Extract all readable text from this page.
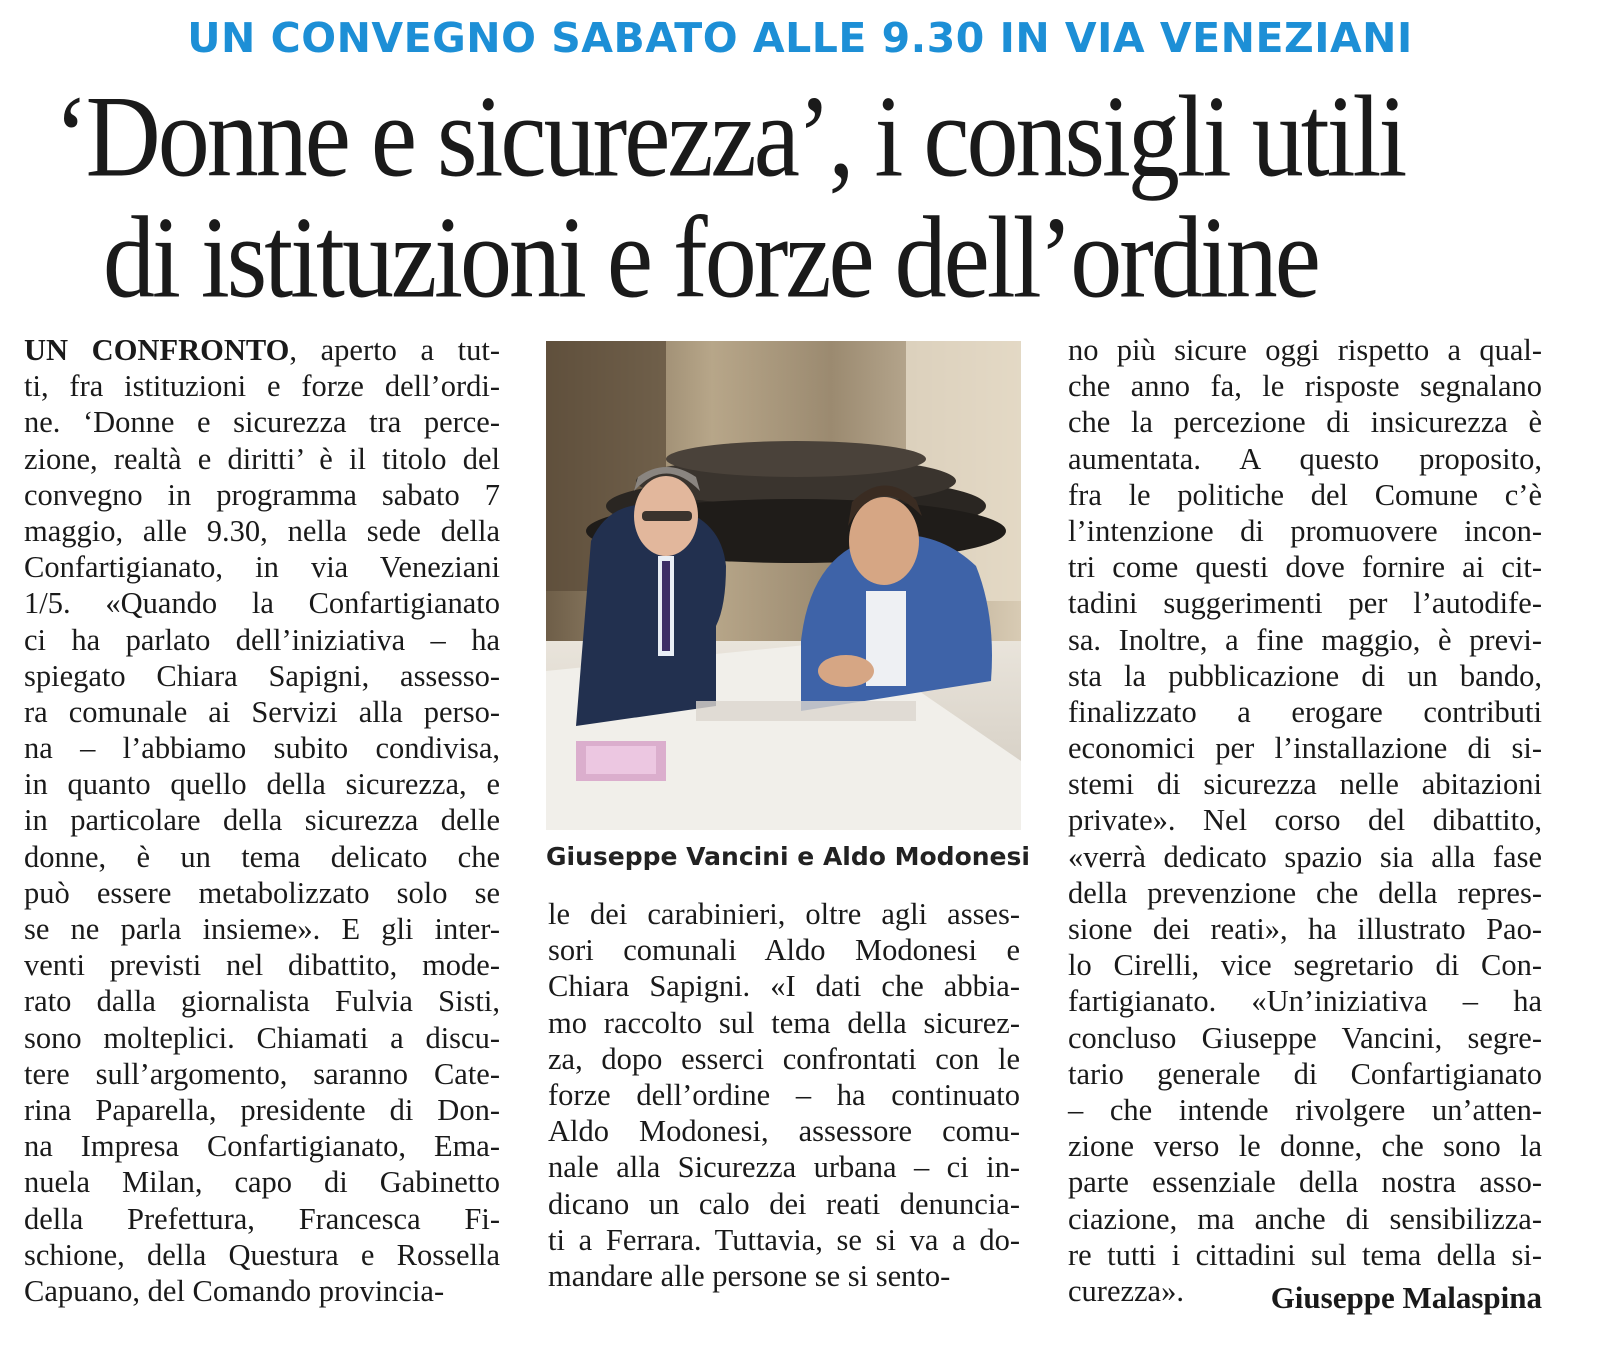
UN CONVEGNO SABATO ALLE 9.30 IN VIA VENEZIANI
‘Donne e sicurezza’, i consigli utili
di istituzioni e forze dell’ordine
UN CONFRONTO, aperto a tut-
ti, fra istituzioni e forze dell’ordi-
ne. ‘Donne e sicurezza tra perce-
zione, realtà e diritti’ è il titolo del
convegno in programma sabato 7
maggio, alle 9.30, nella sede della
Confartigianato, in via Veneziani
1/5. «Quando la Confartigianato
ci ha parlato dell’iniziativa – ha
spiegato Chiara Sapigni, assesso-
ra comunale ai Servizi alla perso-
na – l’abbiamo subito condivisa,
in quanto quello della sicurezza, e
in particolare della sicurezza delle
donne, è un tema delicato che
può essere metabolizzato solo se
se ne parla insieme». E gli inter-
venti previsti nel dibattito, mode-
rato dalla giornalista Fulvia Sisti,
sono molteplici. Chiamati a discu-
tere sull’argomento, saranno Cate-
rina Paparella, presidente di Don-
na Impresa Confartigianato, Ema-
nuela Milan, capo di Gabinetto
della Prefettura, Francesca Fi-
schione, della Questura e Rossella
Capuano, del Comando provincia-
Giuseppe Vancini e Aldo Modonesi
le dei carabinieri, oltre agli asses-
sori comunali Aldo Modonesi e
Chiara Sapigni. «I dati che abbia-
mo raccolto sul tema della sicurez-
za, dopo esserci confrontati con le
forze dell’ordine – ha continuato
Aldo Modonesi, assessore comu-
nale alla Sicurezza urbana – ci in-
dicano un calo dei reati denuncia-
ti a Ferrara. Tuttavia, se si va a do-
mandare alle persone se si sento-
no più sicure oggi rispetto a qual-
che anno fa, le risposte segnalano
che la percezione di insicurezza è
aumentata. A questo proposito,
fra le politiche del Comune c’è
l’intenzione di promuovere incon-
tri come questi dove fornire ai cit-
tadini suggerimenti per l’autodife-
sa. Inoltre, a fine maggio, è previ-
sta la pubblicazione di un bando,
finalizzato a erogare contributi
economici per l’installazione di si-
stemi di sicurezza nelle abitazioni
private». Nel corso del dibattito,
«verrà dedicato spazio sia alla fase
della prevenzione che della repres-
sione dei reati», ha illustrato Pao-
lo Cirelli, vice segretario di Con-
fartigianato. «Un’iniziativa – ha
concluso Giuseppe Vancini, segre-
tario generale di Confartigianato
– che intende rivolgere un’atten-
zione verso le donne, che sono la
parte essenziale della nostra asso-
ciazione, ma anche di sensibilizza-
re tutti i cittadini sul tema della si-
curezza».	Giuseppe Malaspina
